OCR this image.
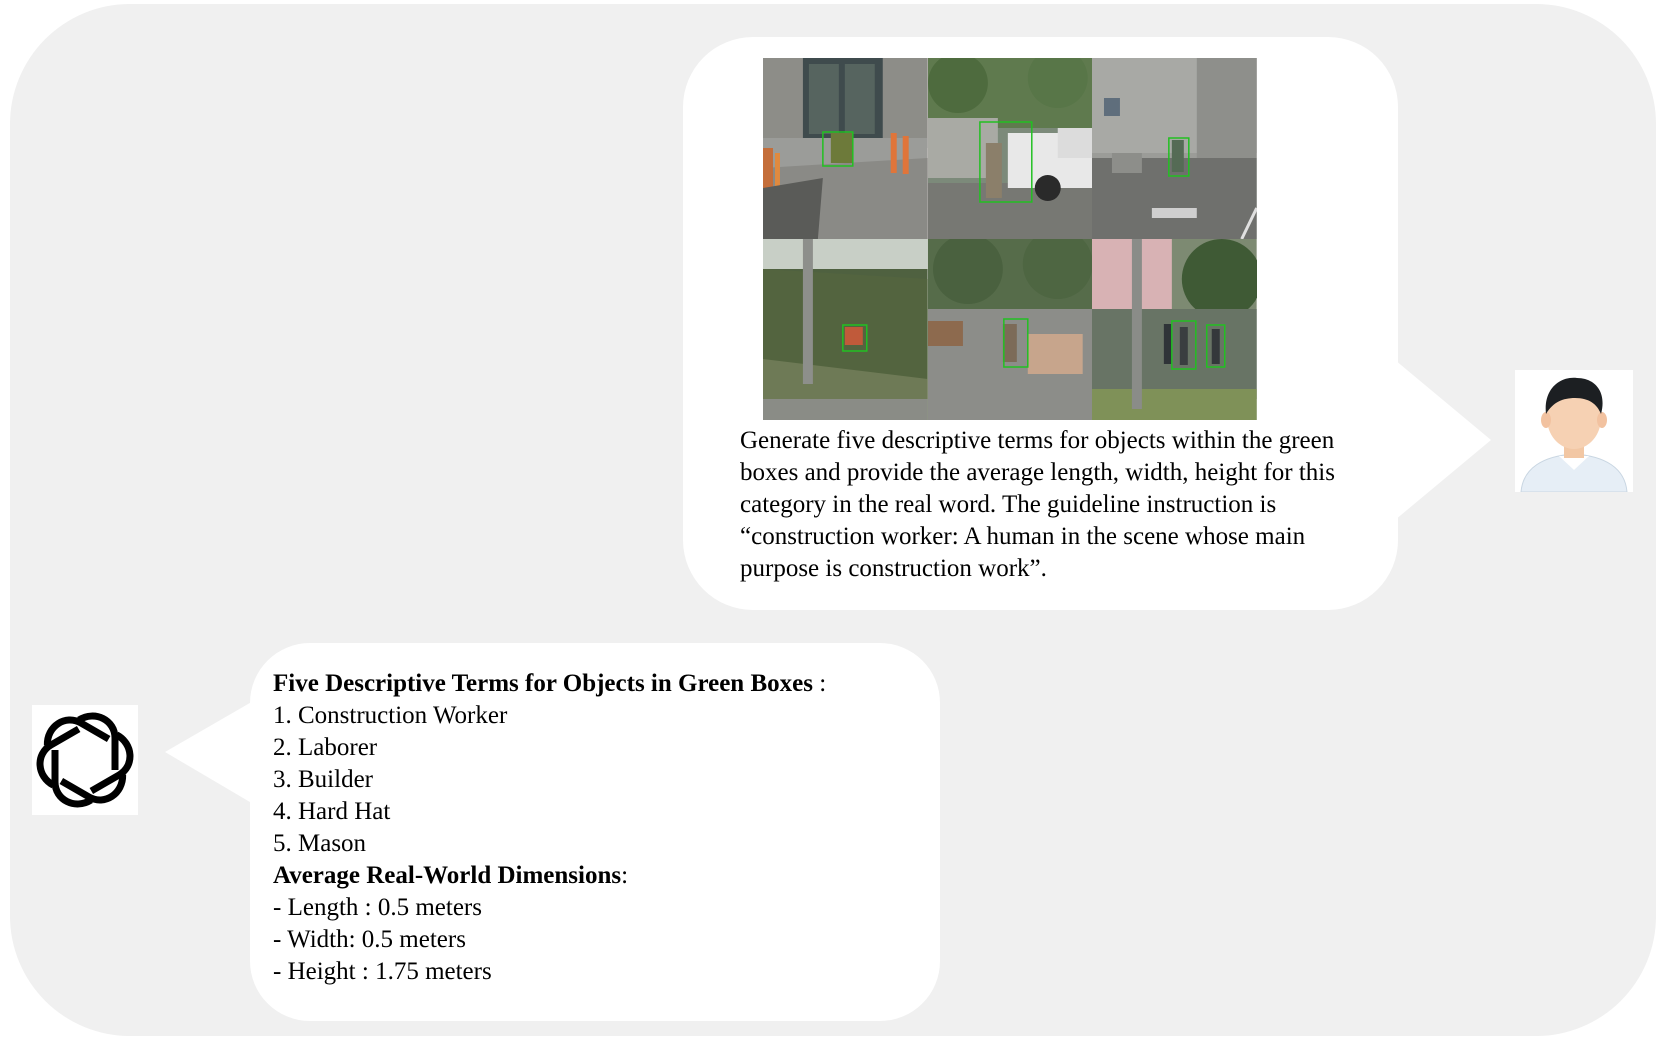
Generate five descriptive terms for objects within the green
boxes and provide the average length, width, height for this
category in the real word. The guideline instruction is
“construction worker: A human in the scene whose main
purpose is construction work”.
Five Descriptive Terms for Objects in Green Boxes :
1. Construction Worker
2. Laborer
3. Builder
4. Hard Hat
5. Mason
Average Real-World Dimensions:
- Length : 0.5 meters
- Width: 0.5 meters
- Height : 1.75 meters
